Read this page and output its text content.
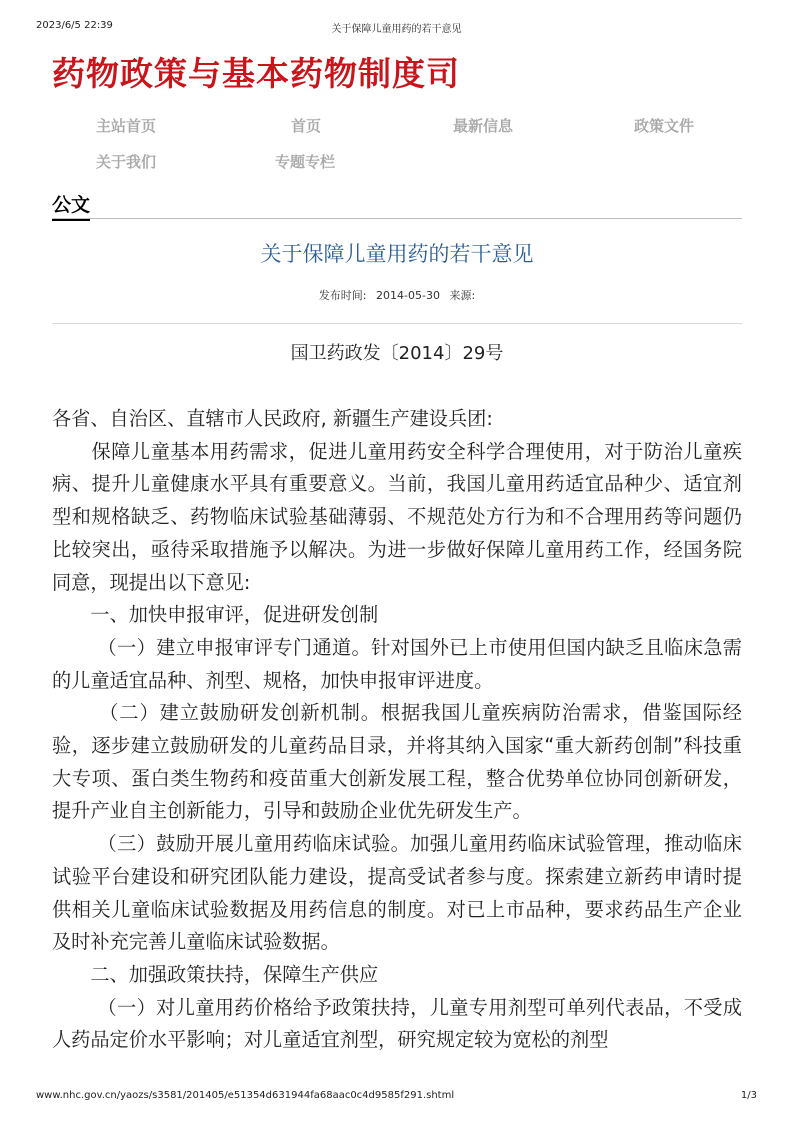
2023/6/5 22:39	关于保障儿童用药的若干意见
药物政策与基本药物制度司
主站首页	首页	最新信息	政策文件
关于我们	专题专栏
公文
关于保障儿童用药的若干意见
发布时间: 2014-05-30 来源:
国卫药政发〔2014〕29号

各省、自治区、直辖市人民政府, 新疆生产建设兵团:

　　保障儿童基本用药需求，促进儿童用药安全科学合理使用，对于防治儿童疾病、提升儿童健康水平具有重要意义。当前，我国儿童用药适宜品种少、适宜剂型和规格缺乏、药物临床试验基础薄弱、不规范处方行为和不合理用药等问题仍比较突出，亟待采取措施予以解决。为进一步做好保障儿童用药工作，经国务院同意，现提出以下意见:

　　一、加快申报审评，促进研发创制

　　 （一）建立申报审评专门通道。针对国外已上市使用但国内缺乏且临床急需的儿童适宜品种、剂型、规格，加快申报审评进度。

　　 （二）建立鼓励研发创新机制。根据我国儿童疾病防治需求，借鉴国际经验，逐步建立鼓励研发的儿童药品目录，并将其纳入国家“重大新药创制”科技重大专项、蛋白类生物药和疫苗重大创新发展工程，整合优势单位协同创新研发，提升产业自主创新能力，引导和鼓励企业优先研发生产。

　　 （三）鼓励开展儿童用药临床试验。加强儿童用药临床试验管理，推动临床试验平台建设和研究团队能力建设，提高受试者参与度。探索建立新药申请时提供相关儿童临床试验数据及用药信息的制度。对已上市品种，要求药品生产企业及时补充完善儿童临床试验数据。

　　二、加强政策扶持，保障生产供应

　　 （一）对儿童用药价格给予政策扶持，儿童专用剂型可单列代表品，不受成人药品定价水平影响；对儿童适宜剂型，研究规定较为宽松的剂型

www.nhc.gov.cn/yaozs/s3581/201405/e51354d631944fa68aac0c4d9585f291.shtml	1/3
